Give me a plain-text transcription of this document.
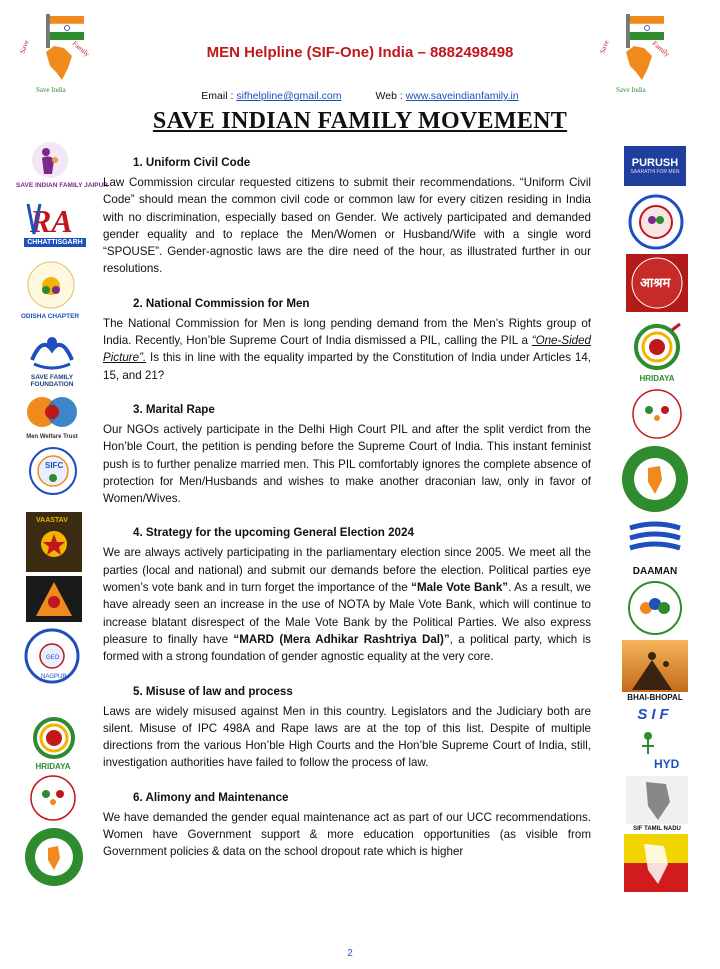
Save	Family
Save India
Save	Family
Save India
MEN Helpline (SIF-One) India – 8882498498
Email : sifhelpline@gmail.com	Web : www.saveindianfamily.in
SAVE INDIAN FAMILY MOVEMENT
SAVE INDIAN FAMILY JAIPUR
RA
CHHATTISGARH
ODISHA CHAPTER
SAVE FAMILY FOUNDATION
Men Welfare Trust
SIFC
VAASTAV
GEO
NAGPUR
HRIDAYA
PURUSH
SAARATHI FOR MEN
आश्रम
HRIDAYA
DAAMAN
BHAI-BHOPAL
SIF
HYD
SIF TAMIL NADU
1. Uniform Civil Code

Law Commission circular requested citizens to submit their recommendations. “Uniform Civil Code” should mean the common civil code or common law for every citizen residing in India with no discrimination, especially based on Gender. We actively participated and demanded gender equality and to replace the Men/Women or Husband/Wife with a single word “SPOUSE”. Gender-agnostic laws are the dire need of the hour, as illustrated further in our resolutions.

2. National Commission for Men

The National Commission for Men is long pending demand from the Men’s Rights group of India. Recently, Hon’ble Supreme Court of India dismissed a PIL, calling the PIL a “One-Sided Picture”. Is this in line with the equality imparted by the Constitution of India under Articles 14, 15, and 21?

3. Marital Rape

Our NGOs actively participate in the Delhi High Court PIL and after the split verdict from the Hon’ble Court, the petition is pending before the Supreme Court of India. This instant feminist push is to further penalize married men. This PIL comfortably ignores the complete absence of protection for Men/Husbands and wishes to make another draconian law, only in favor of Women/Wives.

4. Strategy for the upcoming General Election 2024

We are always actively participating in the parliamentary election since 2005. We meet all the parties (local and national) and submit our demands before the election. Political parties eye women’s vote bank and in turn forget the importance of the “Male Vote Bank”. As a result, we have already seen an increase in the use of NOTA by Male Vote Bank, which will continue to increase blatant disrespect of the Male Vote Bank by the Political Parties. We also express pleasure to finally have “MARD (Mera Adhikar Rashtriya Dal)”, a political party, which is formed with a strong foundation of gender agnostic equality at the very core.

5. Misuse of law and process

Laws are widely misused against Men in this country. Legislators and the Judiciary both are silent. Misuse of IPC 498A and Rape laws are at the top of this list. Despite of multiple directions from the various Hon’ble High Courts and the Hon’ble Supreme Court of India, still, investigation authorities have failed to follow the process of law.

6. Alimony and Maintenance

We have demanded the gender equal maintenance act as part of our UCC recommendations. Women have Government support & more education opportunities (as visible from Government policies & data on the school dropout rate which is higher

2
